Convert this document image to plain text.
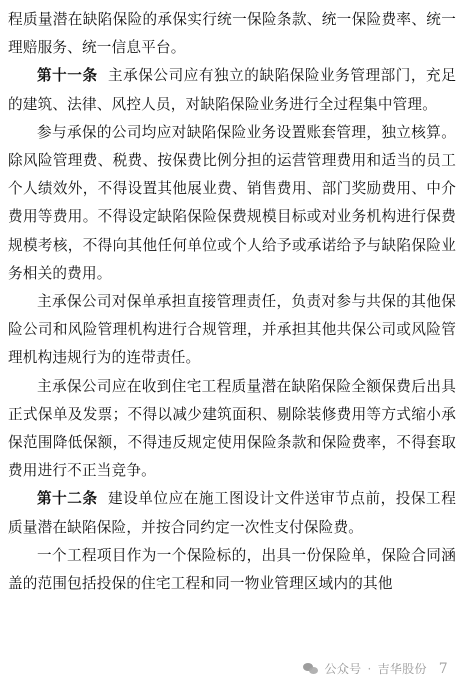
程质量潜在缺陷保险的承保实行统一保险条款、统一保险费率、统一理赔服务、统一信息平台。

第十一条 主承保公司应有独立的缺陷保险业务管理部门，充足的建筑、法律、风控人员，对缺陷保险业务进行全过程集中管理。

参与承保的公司均应对缺陷保险业务设置账套管理，独立核算。除风险管理费、税费、按保费比例分担的运营管理费用和适当的员工个人绩效外，不得设置其他展业费、销售费用、部门奖励费用、中介费用等费用。不得设定缺陷保险保费规模目标或对业务机构进行保费规模考核，不得向其他任何单位或个人给予或承诺给予与缺陷保险业务相关的费用。

主承保公司对保单承担直接管理责任，负责对参与共保的其他保险公司和风险管理机构进行合规管理，并承担其他共保公司或风险管理机构违规行为的连带责任。

主承保公司应在收到住宅工程质量潜在缺陷保险全额保费后出具正式保单及发票；不得以减少建筑面积、剔除装修费用等方式缩小承保范围降低保额，不得违反规定使用保险条款和保险费率，不得套取费用进行不正当竞争。

第十二条 建设单位应在施工图设计文件送审节点前，投保工程质量潜在缺陷保险，并按合同约定一次性支付保险费。

一个工程项目作为一个保险标的，出具一份保险单，保险合同涵盖的范围包括投保的住宅工程和同一物业管理区域内的其他

公众号 · 吉华股份 7
